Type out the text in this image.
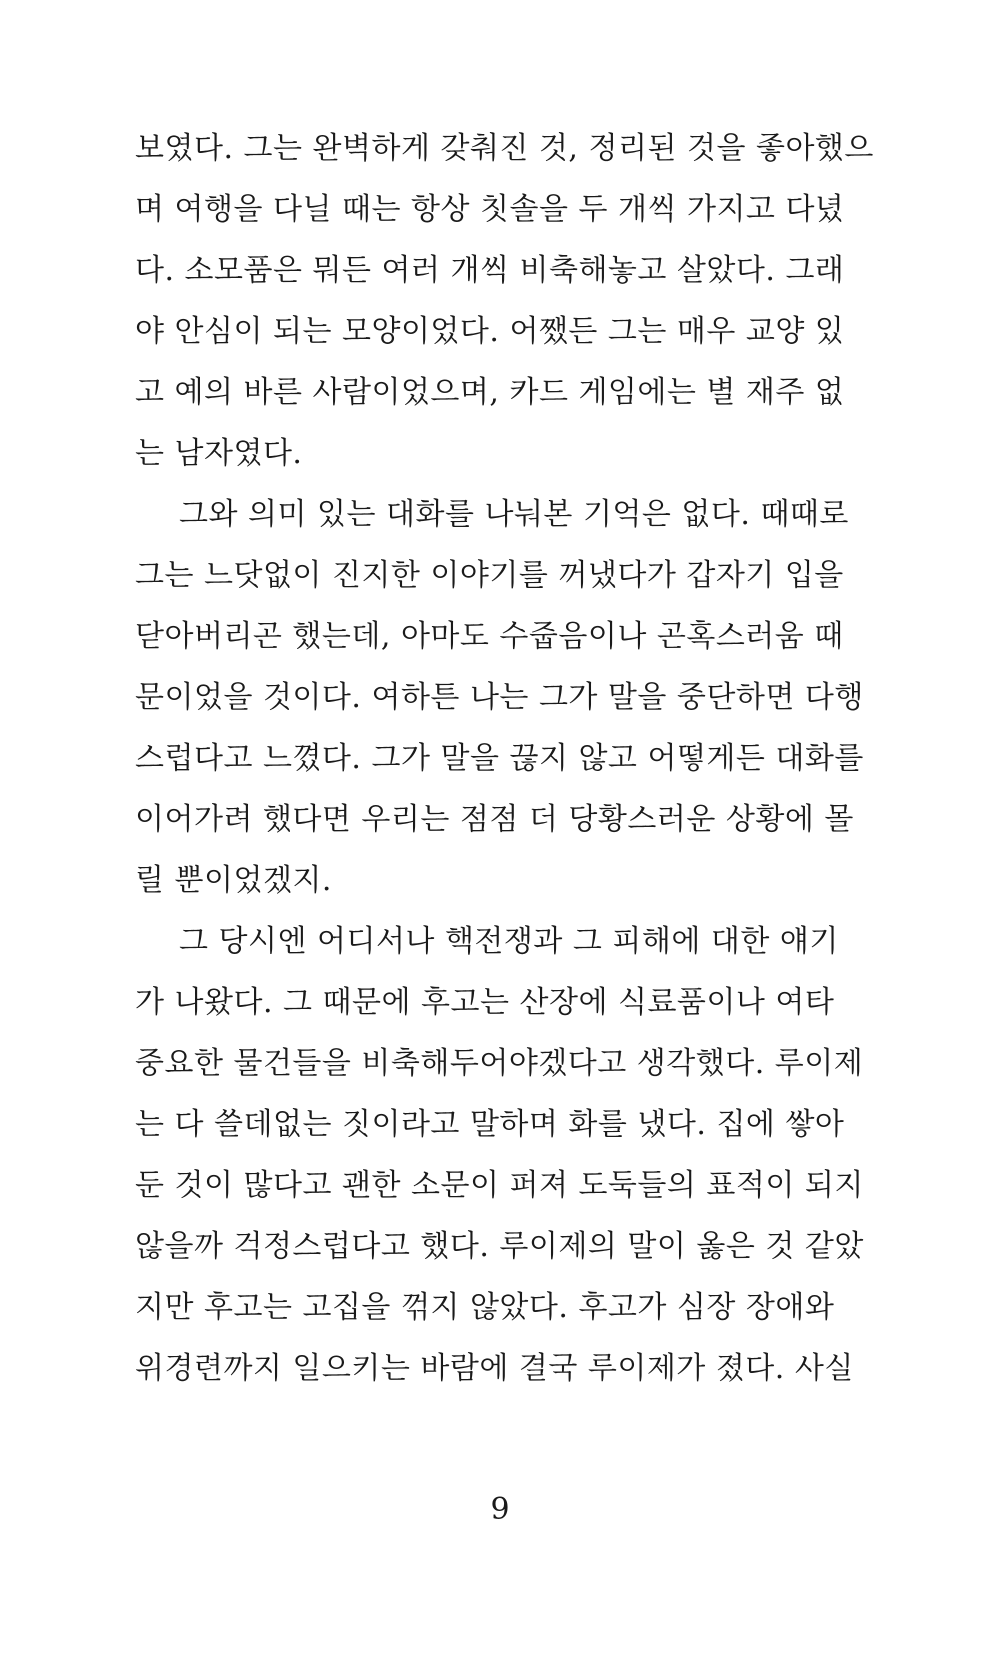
보였다. 그는 완벽하게 갖춰진 것, 정리된 것을 좋아했으
며 여행을 다닐 때는 항상 칫솔을 두 개씩 가지고 다녔
다. 소모품은 뭐든 여러 개씩 비축해놓고 살았다. 그래
야 안심이 되는 모양이었다. 어쨌든 그는 매우 교양 있
고 예의 바른 사람이었으며, 카드 게임에는 별 재주 없
는 남자였다.
그와 의미 있는 대화를 나눠본 기억은 없다. 때때로
그는 느닷없이 진지한 이야기를 꺼냈다가 갑자기 입을
닫아버리곤 했는데, 아마도 수줍음이나 곤혹스러움 때
문이었을 것이다. 여하튼 나는 그가 말을 중단하면 다행
스럽다고 느꼈다. 그가 말을 끊지 않고 어떻게든 대화를
이어가려 했다면 우리는 점점 더 당황스러운 상황에 몰
릴 뿐이었겠지.
그 당시엔 어디서나 핵전쟁과 그 피해에 대한 얘기
가 나왔다. 그 때문에 후고는 산장에 식료품이나 여타
중요한 물건들을 비축해두어야겠다고 생각했다. 루이제
는 다 쓸데없는 짓이라고 말하며 화를 냈다. 집에 쌓아
둔 것이 많다고 괜한 소문이 퍼져 도둑들의 표적이 되지
않을까 걱정스럽다고 했다. 루이제의 말이 옳은 것 같았
지만 후고는 고집을 꺾지 않았다. 후고가 심장 장애와
위경련까지 일으키는 바람에 결국 루이제가 졌다. 사실
9
